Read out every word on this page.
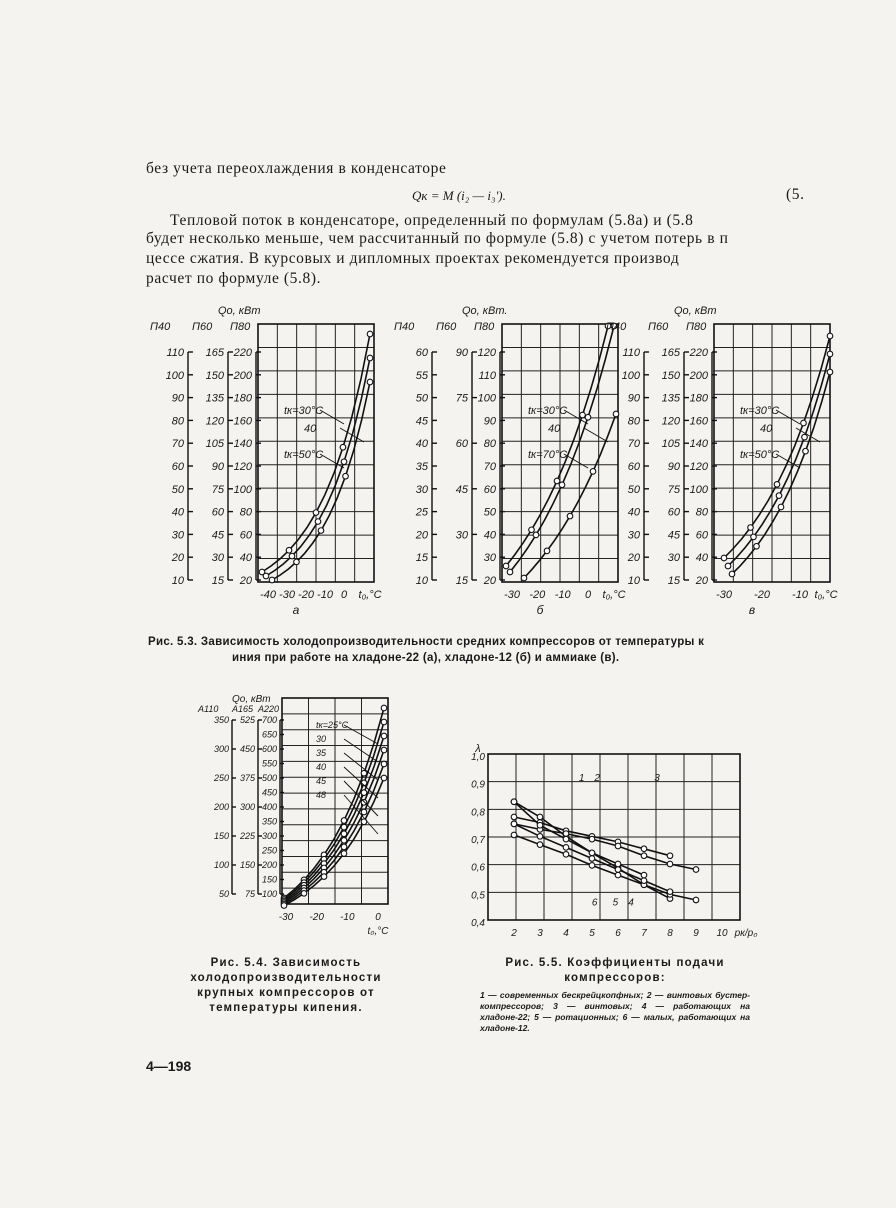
без учета переохлаждения в конденсаторе
Qк = M (i₂ — i₃').	(5.
Тепловой поток в конденсаторе, определенный по формулам (5.8а) и (5.8
будет несколько меньше, чем рассчитанный по формуле (5.8) с учетом потерь в п
цессе сжатия. В курсовых и дипломных проектах рекомендуется производ
расчет по формуле (5.8).
Qo, кВт
П40 П60 П80
110
100
90
80
70
60
50
40
30
20
10
165
150
135
120
105
90
75
60
45
30
15
220
200
180
160
140
120
100
80
60
40
20
-40 -30 -20 -10 0 t₀,°C
а
tк=30°С
40
tк=50°С
Qo, кВт.
П40 П60 П80
60
55
50
45
40
35
30
25
20
15
10
90
75
60
45
30
15
120
110
100
90
80
70
60
50
40
30
20
-30 -20 -10 0 t₀,°C
б
tк=30°С
40
tк=70°С
Qo, кВт
П40 П60 П80
110
100
90
80
70
60
50
40
30
20
10
165
150
135
120
105
90
75
60
45
30
15
220
200
180
160
140
120
100
80
60
40
20
-30 -20 -10 t₀,°C
в
tк=30°С
40
tк=50°С
Рис. 5.3. Зависимость холодопроизводительности средних компрессоров от температуры к
иния при работе на хладоне-22 (а), хладоне-12 (б) и аммиаке (в).
Qo, кВт
А110 А165 А220
350
300
250
200
150
100
50
525
450
375
300
225
150
75
700
650
600
550
500
450
400
350
300
250
200
150
100
-30 -20 -10 0
t₀,°C
tк=25°С
30
35
40
45
48
Рис. 5.4. Зависимость холодопроизводительности крупных компрессоров от температуры кипения.
λ
1,0
0,9
0,8
0,7
0,6
0,5
0,4
2 3 4 5 6 7 8 9 10 pк/p₀
1 2	3
6 5 4
Рис. 5.5. Коэффициенты подачи компрессоров:
1 — современных бескрейцкопфных; 2 — винтовых бустер-компрессоров; 3 — винтовых; 4 — работающих на хладоне-22; 5 — ротационных; 6 — малых, работающих на хладоне-12.
4—198
